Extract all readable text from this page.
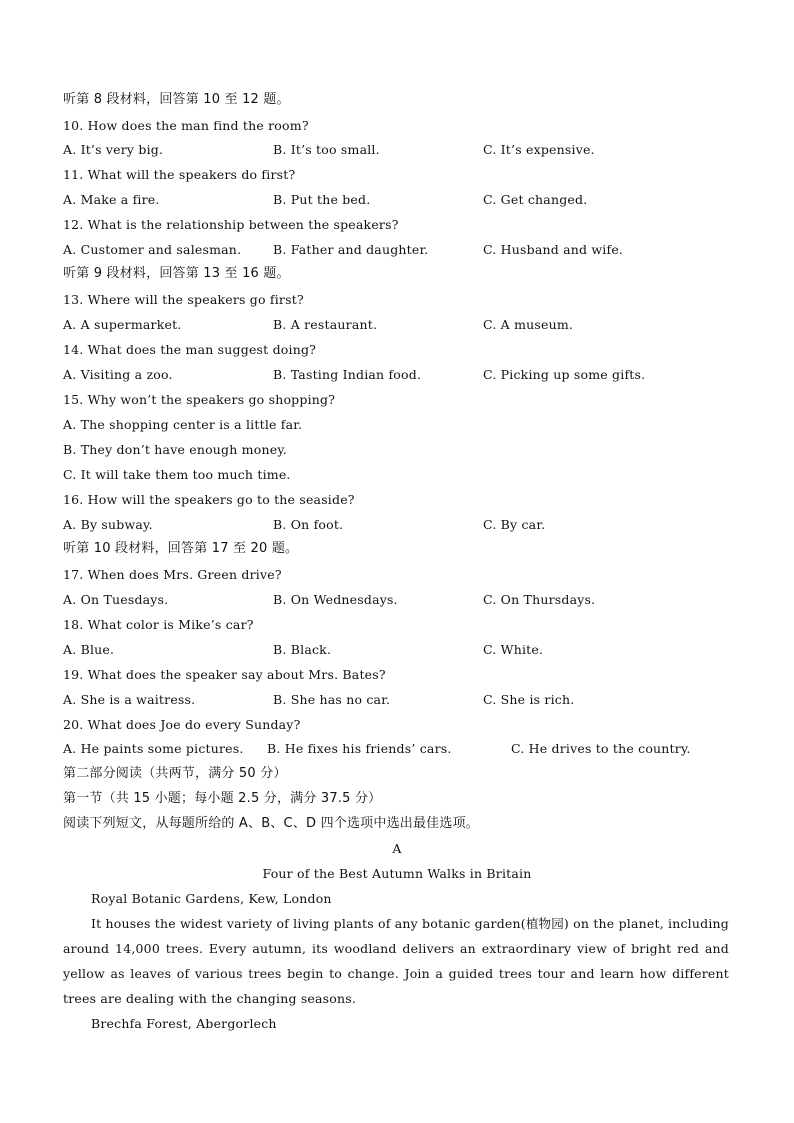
听第 8 段材料，回答第 10 至 12 题。
10. How does the man find the room?
A. It’s very big.	B. It’s too small.	C. It’s expensive.
11. What will the speakers do first?
A. Make a fire.	B. Put the bed.	C. Get changed.
12. What is the relationship between the speakers?
A. Customer and salesman.	B. Father and daughter.	C. Husband and wife.
听第 9 段材料，回答第 13 至 16 题。
13. Where will the speakers go first?
A. A supermarket.	B. A restaurant.	C. A museum.
14. What does the man suggest doing?
A. Visiting a zoo.	B. Tasting Indian food.	C. Picking up some gifts.
15. Why won’t the speakers go shopping?
A. The shopping center is a little far.
B. They don’t have enough money.
C. It will take them too much time.
16. How will the speakers go to the seaside?
A. By subway.	B. On foot.	C. By car.
听第 10 段材料，回答第 17 至 20 题。
17. When does Mrs. Green drive?
A. On Tuesdays.	B. On Wednesdays.	C. On Thursdays.
18. What color is Mike’s car?
A. Blue.	B. Black.	C. White.
19. What does the speaker say about Mrs. Bates?
A. She is a waitress.	B. She has no car.	C. She is rich.
20. What does Joe do every Sunday?
A. He paints some pictures. B. He fixes his friends’ cars.	C. He drives to the country.
第二部分阅读（共两节，满分 50 分）
第一节（共 15 小题；每小题 2.5 分，满分 37.5 分）
阅读下列短文，从每题所给的 A、B、C、D 四个选项中选出最佳选项。
A
Four of the Best Autumn Walks in Britain
Royal Botanic Gardens, Kew, London
It houses the widest variety of living plants of any botanic garden(植物园) on the planet, including around 14,000 trees. Every autumn, its woodland delivers an extraordinary view of bright red and yellow as leaves of various trees begin to change. Join a guided trees tour and learn how different trees are dealing with the changing seasons.
Brechfa Forest, Abergorlech
